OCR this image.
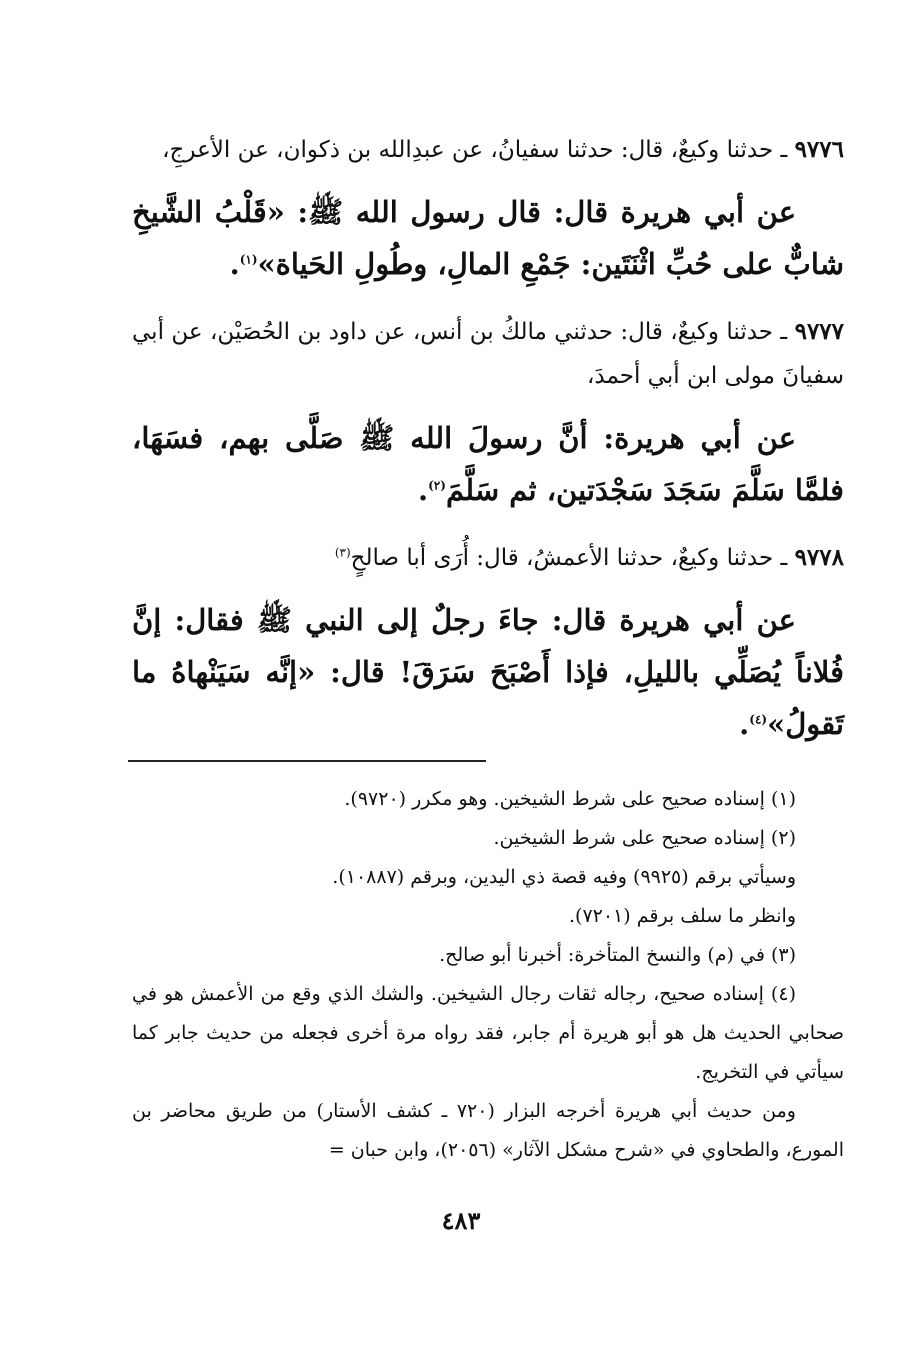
٩٧٧٦ ـ حدثنا وكيعٌ، قال: حدثنا سفيانُ، عن عبدِالله بن ذكوان، عن الأعرجِ،

عن أبي هريرة قال: قال رسول الله ﷺ: «قَلْبُ الشَّيخِ شابٌّ على حُبِّ اثْنَتَين: جَمْعِ المالِ، وطُولِ الحَياة»$^{(١)}$.

٩٧٧٧ ـ حدثنا وكيعٌ، قال: حدثني مالكُ بن أنس، عن داود بن الحُصَيْن، عن أبي سفيانَ مولى ابن أبي أحمدَ،

عن أبي هريرة: أنَّ رسولَ الله ﷺ صَلَّى بهم، فسَهَا، فلمَّا سَلَّمَ سَجَدَ سَجْدَتين، ثم سَلَّمَ$^{(٢)}$.

٩٧٧٨ ـ حدثنا وكيعٌ، حدثنا الأعمشُ، قال: أُرَى أبا صالحٍ$^{(٣)}$

عن أبي هريرة قال: جاءَ رجلٌ إلى النبي ﷺ فقال: إنَّ فُلاناً يُصَلِّي بالليلِ، فإذا أَصْبَحَ سَرَقَ! قال: «إنَّه سَيَنْهاهُ ما تَقولُ»$^{(٤)}$.

(١) إسناده صحيح على شرط الشيخين. وهو مكرر (٩٧٢٠).

(٢) إسناده صحيح على شرط الشيخين.

وسيأتي برقم (٩٩٢٥) وفيه قصة ذي اليدين، وبرقم (١٠٨٨٧).

وانظر ما سلف برقم (٧٢٠١).

(٣) في (م) والنسخ المتأخرة: أخبرنا أبو صالح.

(٤) إسناده صحيح، رجاله ثقات رجال الشيخين. والشك الذي وقع من الأعمش هو في صحابي الحديث هل هو أبو هريرة أم جابر، فقد رواه مرة أخرى فجعله من حديث جابر كما سيأتي في التخريج.

ومن حديث أبي هريرة أخرجه البزار (٧٢٠ ـ كشف الأستار) من طريق محاضر بن المورع، والطحاوي في «شرح مشكل الآثار» (٢٠٥٦)، وابن حبان =

٤٨٣
